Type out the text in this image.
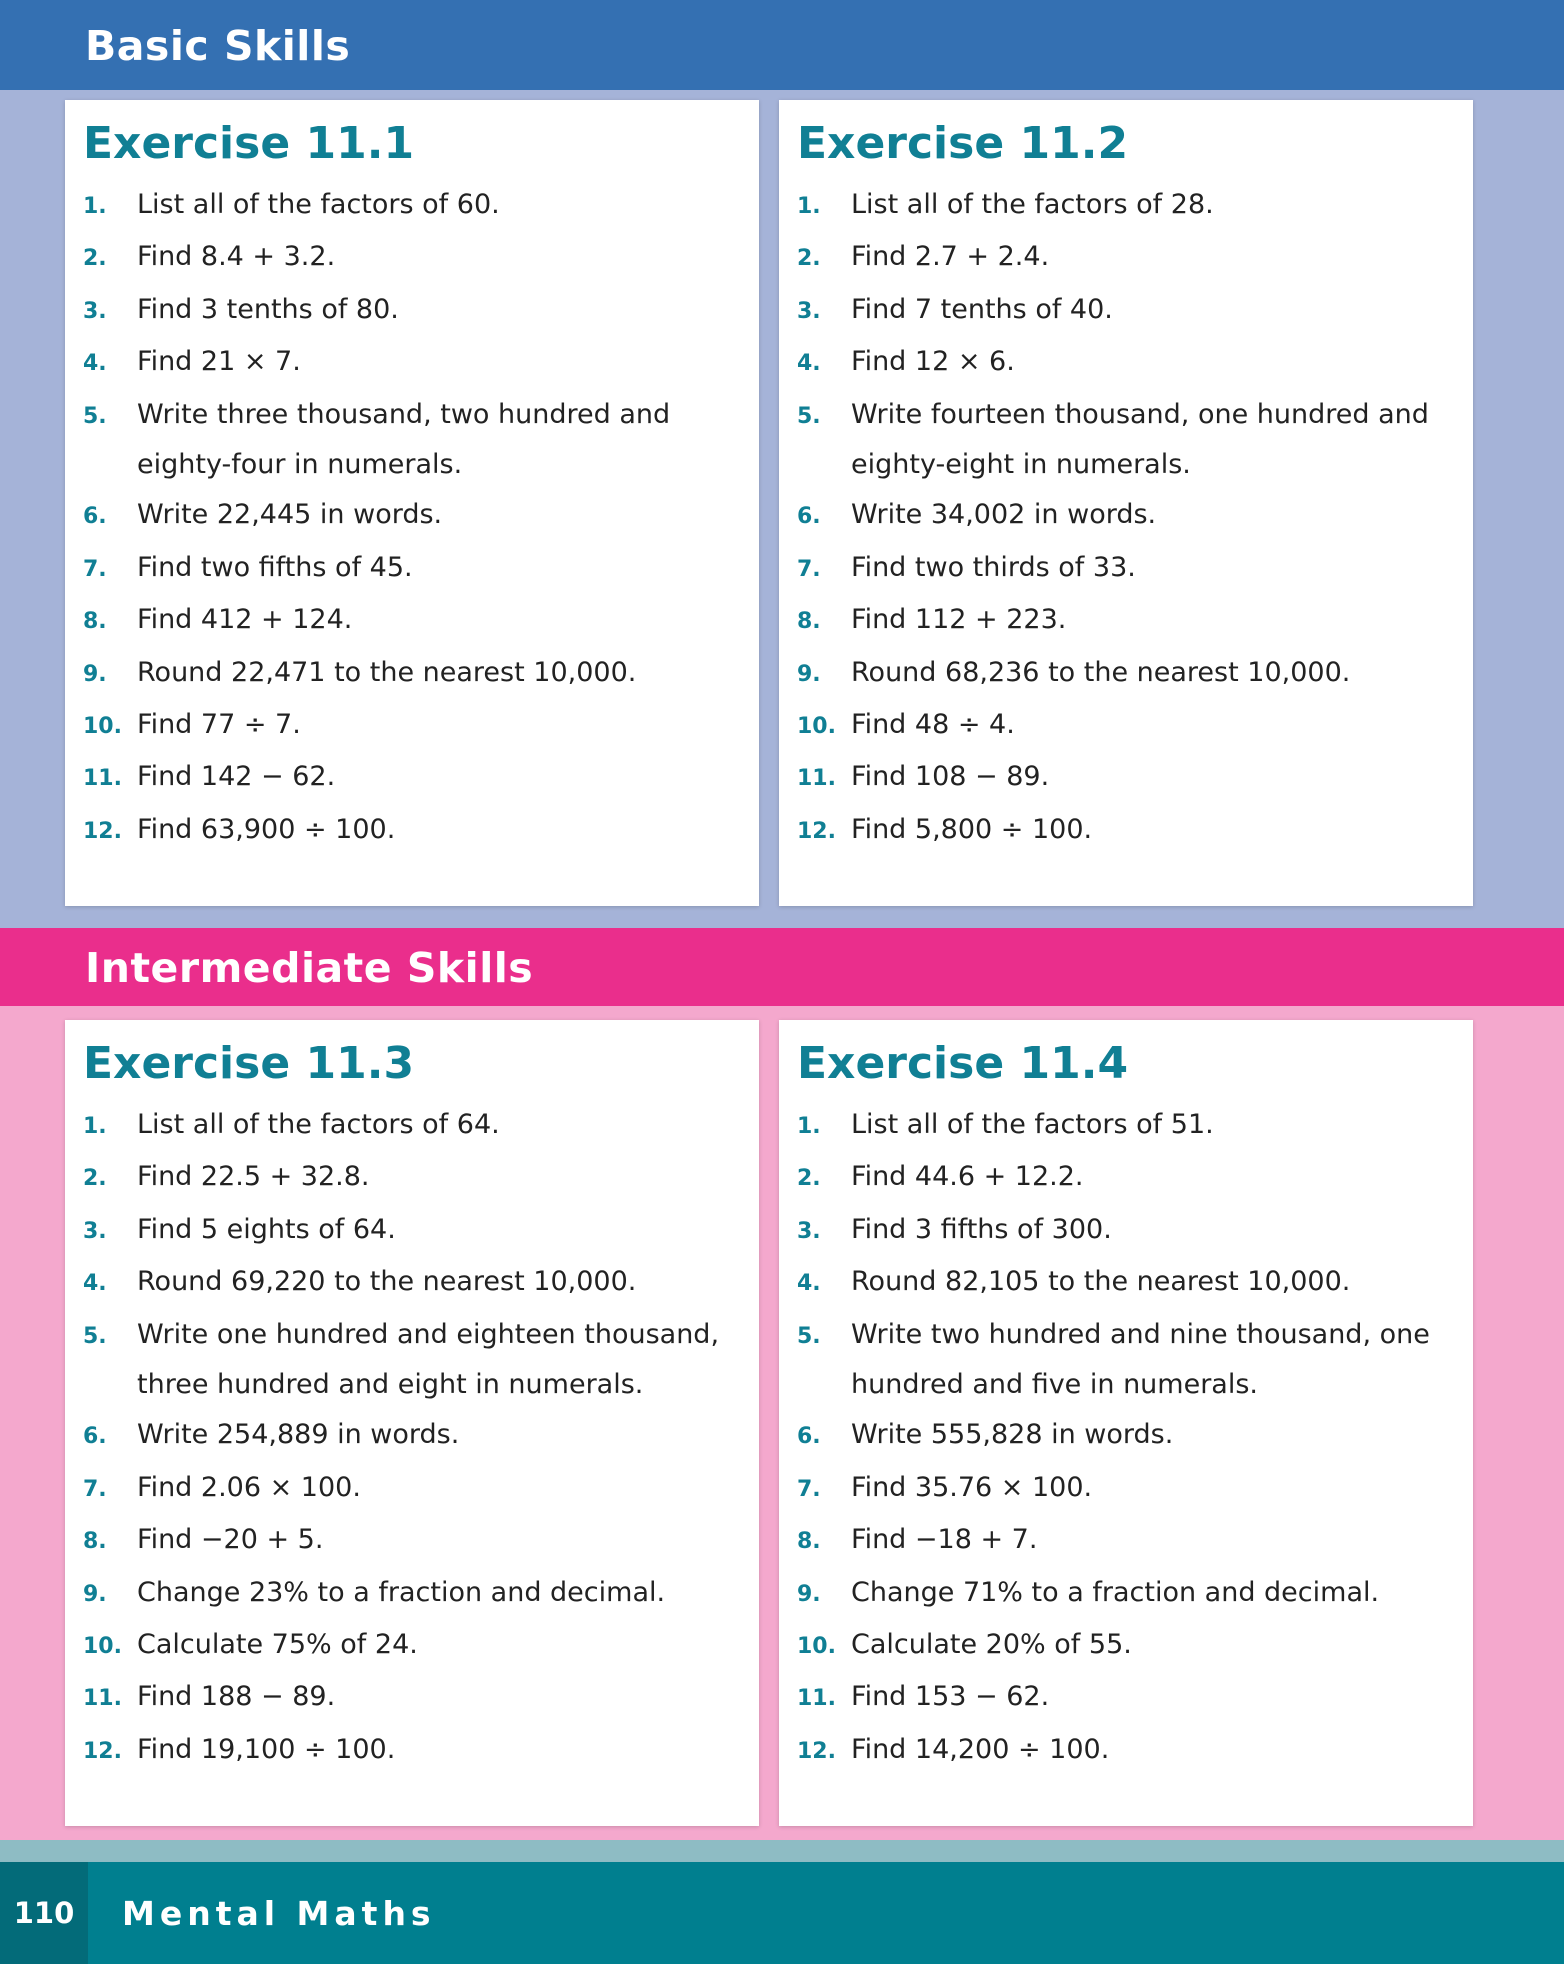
Basic Skills
Intermediate Skills
Exercise 11.1
1.	List all of the factors of 60.
2.	Find 8.4 + 3.2.
3.	Find 3 tenths of 80.
4.	Find 21 × 7.
5.	Write three thousand, two hundred and eighty-four in numerals.
6.	Write 22,445 in words.
7.	Find two fifths of 45.
8.	Find 412 + 124.
9.	Round 22,471 to the nearest 10,000.
10. Find 77 ÷ 7.
11. Find 142 − 62.
12. Find 63,900 ÷ 100.
Exercise 11.2
1.	List all of the factors of 28.
2.	Find 2.7 + 2.4.
3.	Find 7 tenths of 40.
4.	Find 12 × 6.
5.	Write fourteen thousand, one hundred and eighty-eight in numerals.
6.	Write 34,002 in words.
7.	Find two thirds of 33.
8.	Find 112 + 223.
9.	Round 68,236 to the nearest 10,000.
10. Find 48 ÷ 4.
11. Find 108 − 89.
12. Find 5,800 ÷ 100.
Exercise 11.3
1.	List all of the factors of 64.
2.	Find 22.5 + 32.8.
3.	Find 5 eights of 64.
4.	Round 69,220 to the nearest 10,000.
5.	Write one hundred and eighteen thousand, three hundred and eight in numerals.
6.	Write 254,889 in words.
7.	Find 2.06 × 100.
8.	Find −20 + 5.
9.	Change 23% to a fraction and decimal.
10. Calculate 75% of 24.
11. Find 188 − 89.
12. Find 19,100 ÷ 100.
Exercise 11.4
1.	List all of the factors of 51.
2.	Find 44.6 + 12.2.
3.	Find 3 fifths of 300.
4.	Round 82,105 to the nearest 10,000.
5.	Write two hundred and nine thousand, one hundred and five in numerals.
6.	Write 555,828 in words.
7.	Find 35.76 × 100.
8.	Find −18 + 7.
9.	Change 71% to a fraction and decimal.
10. Calculate 20% of 55.
11. Find 153 − 62.
12. Find 14,200 ÷ 100.
110	Mental Maths
